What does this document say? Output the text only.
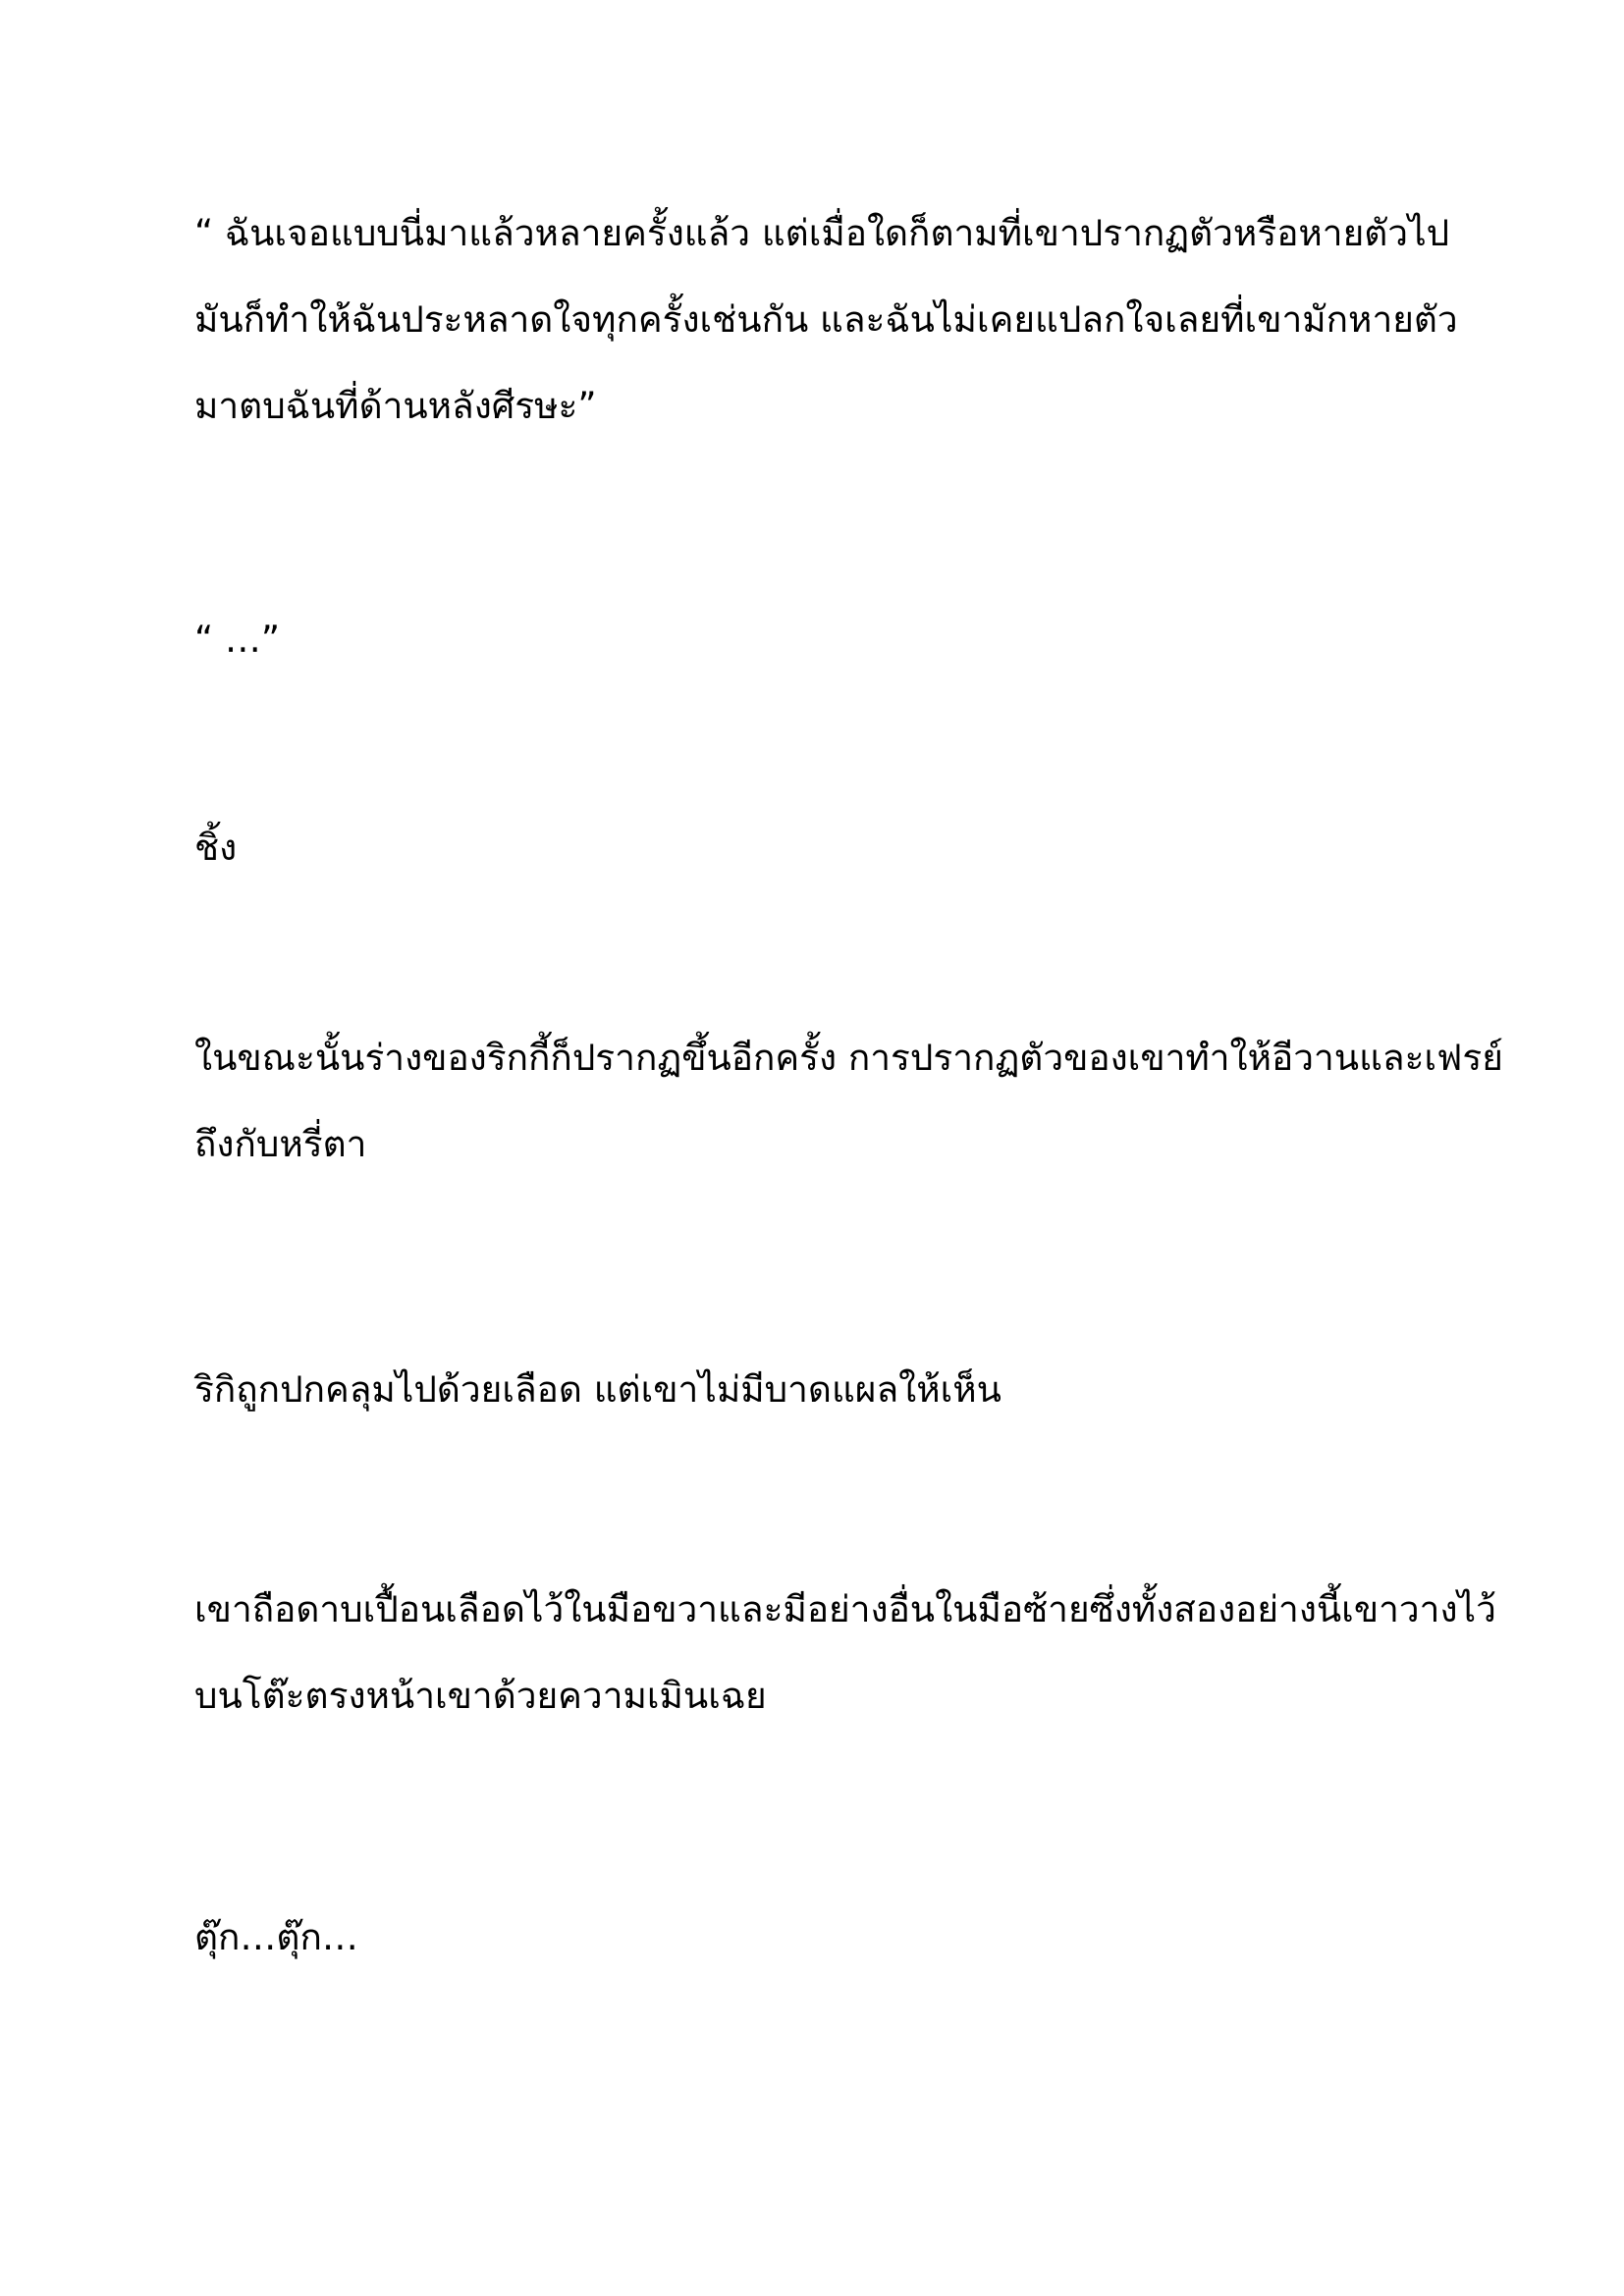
“ ฉันเจอแบบนี่มาแล้วหลายครั้งแล้ว แต่เมื่อใดก็ตามที่เขาปรากฏตัวหรือหายตัวไป
มันก็ทำให้ฉันประหลาดใจทุกครั้งเช่นกัน และฉันไม่เคยแปลกใจเลยที่เขามักหายตัว
มาตบฉันที่ด้านหลังศีรษะ”

“ …”

ชิ้ง

ในขณะนั้นร่างของริกกี้ก็ปรากฏขึ้นอีกครั้ง การปรากฏตัวของเขาทำให้อีวานและเฟรย์
ถึงกับหรี่ตา

ริกิถูกปกคลุมไปด้วยเลือด แต่เขาไม่มีบาดแผลให้เห็น

เขาถือดาบเปื้อนเลือดไว้ในมือขวาและมีอย่างอื่นในมือซ้ายซึ่งทั้งสองอย่างนี้เขาวางไว้
บนโต๊ะตรงหน้าเขาด้วยความเมินเฉย

ตุ๊ก…ตุ๊ก…
